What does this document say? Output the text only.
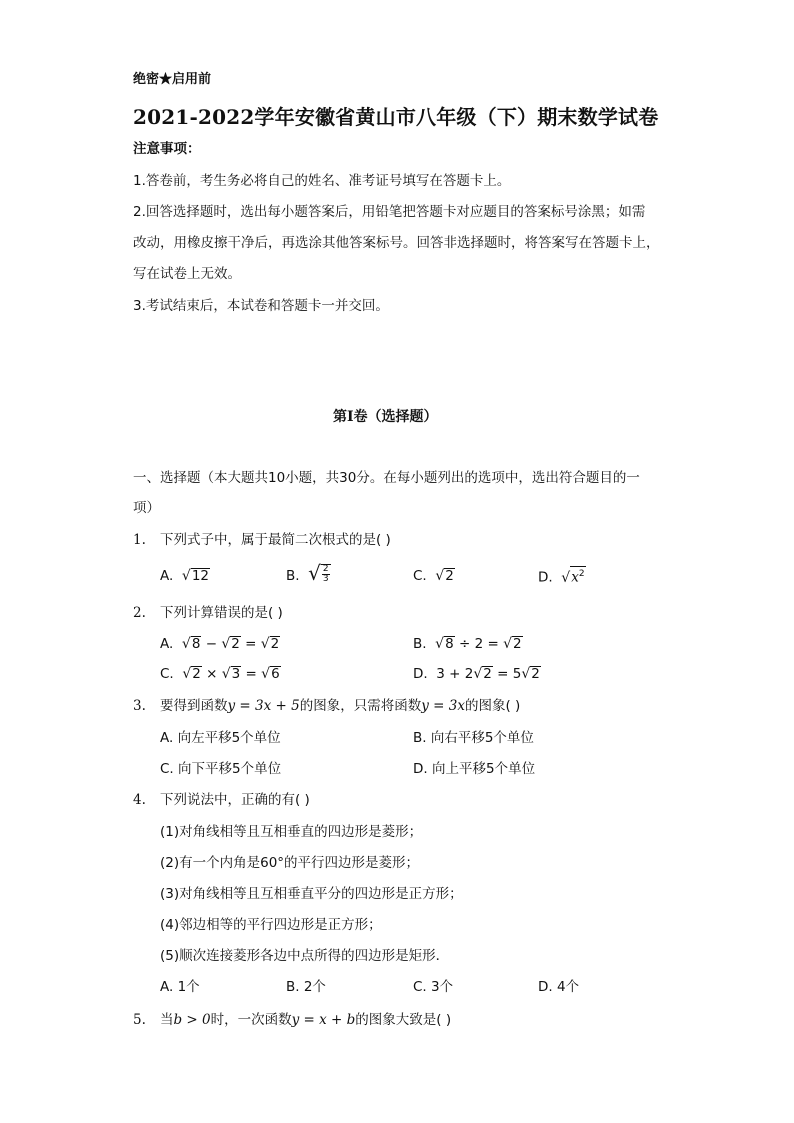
绝密★启用前
2021-2022学年安徽省黄山市八年级（下）期末数学试卷
注意事项：
1.答卷前，考生务必将自己的姓名、准考证号填写在答题卡上。
2.回答选择题时，选出每小题答案后，用铅笔把答题卡对应题目的答案标号涂黑；如需
改动，用橡皮擦干净后，再选涂其他答案标号。回答非选择题时，将答案写在答题卡上，
写在试卷上无效。
3.考试结束后，本试卷和答题卡一并交回。
第I卷（选择题）
一、选择题（本大题共10小题，共30分。在每小题列出的选项中，选出符合题目的一
项）
1. 下列式子中，属于最简二次根式的是( )
A. √ 12	B. √ $\frac{2}{3}$	C. √ 2	D. √ $x^2$
2. 下列计算错误的是( )
A. √ 8 − √ 2 = √ 2	B. √ 8 ÷ 2 = √ 2
C. √ 2 × √ 3 = √ 6	D. 3 + 2 √ 2 = 5 √ 2
3. 要得到函数y = 3x + 5的图象，只需将函数y = 3x的图象( )
A. 向左平移5个单位	B. 向右平移5个单位
C. 向下平移5个单位	D. 向上平移5个单位
4. 下列说法中，正确的有( )
(1)对角线相等且互相垂直的四边形是菱形；
(2)有一个内角是60°的平行四边形是菱形；
(3)对角线相等且互相垂直平分的四边形是正方形；
(4)邻边相等的平行四边形是正方形；
(5)顺次连接菱形各边中点所得的四边形是矩形．
A. 1个	B. 2个	C. 3个	D. 4个
5. 当b > 0时，一次函数y = x + b的图象大致是( )
